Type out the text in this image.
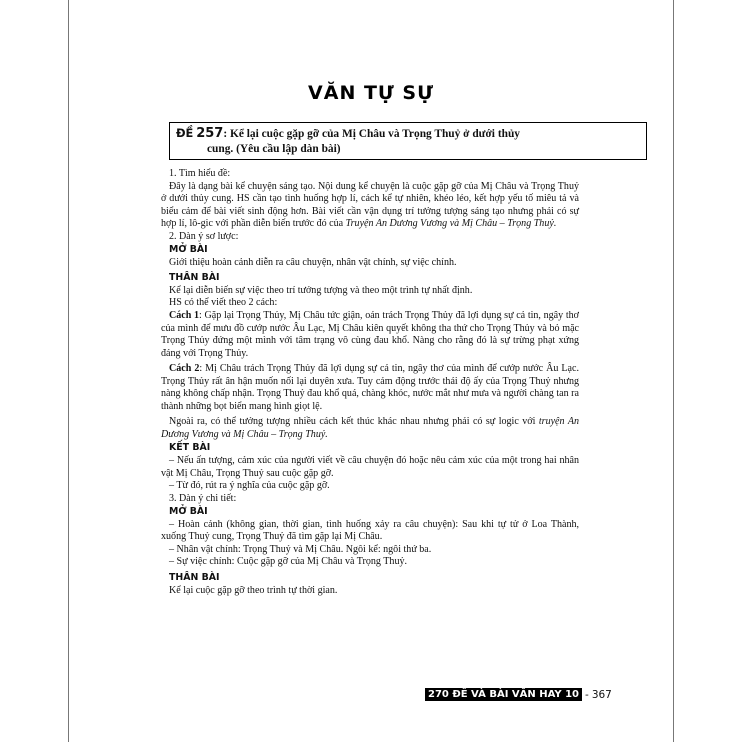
VĂN TỰ SỰ
ĐỀ 257: Kể lại cuộc gặp gỡ của Mị Châu và Trọng Thuỷ ở dưới thủy
cung. (Yêu cầu lập dàn bài)

1. Tìm hiểu đề:

Đây là dạng bài kể chuyện sáng tạo. Nội dung kể chuyện là cuộc gặp gỡ của Mị Châu và Trọng Thuỷ ở dưới thủy cung. HS cần tạo tình huống hợp lí, cách kể tự nhiên, khéo léo, kết hợp yếu tố miêu tả và biểu cảm để bài viết sinh động hơn. Bài viết cần vận dụng trí tưởng tượng sáng tạo nhưng phải có sự hợp lí, lô-gic với phần diễn biến trước đó của Truyện An Dương Vương và Mị Châu – Trọng Thuỷ.

2. Dàn ý sơ lược:

MỞ BÀI

Giới thiệu hoàn cảnh diễn ra câu chuyện, nhân vật chính, sự việc chính.

THÂN BÀI

Kể lại diễn biến sự việc theo trí tưởng tượng và theo một trình tự nhất định.

HS có thể viết theo 2 cách:

Cách 1: Gặp lại Trọng Thủy, Mị Châu tức giận, oán trách Trọng Thủy đã lợi dụng sự cả tin, ngây thơ của mình để mưu đồ cướp nước Âu Lạc, Mị Châu kiên quyết không tha thứ cho Trọng Thủy và bỏ mặc Trọng Thủy đứng một mình với tâm trạng vô cùng đau khổ. Nàng cho rằng đó là sự trừng phạt xứng đáng với Trọng Thủy.

Cách 2: Mị Châu trách Trọng Thủy đã lợi dụng sự cả tin, ngây thơ của mình để cướp nước Âu Lạc. Trọng Thủy rất ân hận muốn nối lại duyên xưa. Tuy cảm động trước thái độ ấy của Trọng Thuỷ nhưng nàng không chấp nhận. Trọng Thuỷ đau khổ quá, chàng khóc, nước mắt như mưa và người chàng tan ra thành những bọt biển mang hình giọt lệ.

Ngoài ra, có thể tưởng tượng nhiều cách kết thúc khác nhau nhưng phải có sự logic với truyện An Dương Vương và Mị Châu – Trọng Thuỷ.

KẾT BÀI

– Nếu ấn tượng, cảm xúc của người viết về câu chuyện đó hoặc nêu cảm xúc của một trong hai nhân vật Mị Châu, Trọng Thuỷ sau cuộc gặp gỡ.

– Từ đó, rút ra ý nghĩa của cuộc gặp gỡ.

3. Dàn ý chi tiết:

MỞ BÀI

– Hoàn cảnh (không gian, thời gian, tình huống xảy ra câu chuyện): Sau khi tự tử ở Loa Thành, xuống Thuỷ cung, Trọng Thuỷ đã tìm gặp lại Mị Châu.

– Nhân vật chính: Trọng Thuỷ và Mị Châu. Ngôi kể: ngôi thứ ba.

– Sự việc chính: Cuộc gặp gỡ của Mị Châu và Trọng Thuỷ.

THÂN BÀI

Kể lại cuộc gặp gỡ theo trình tự thời gian.

270 ĐỀ VÀ BÀI VĂN HAY 10 - 367
